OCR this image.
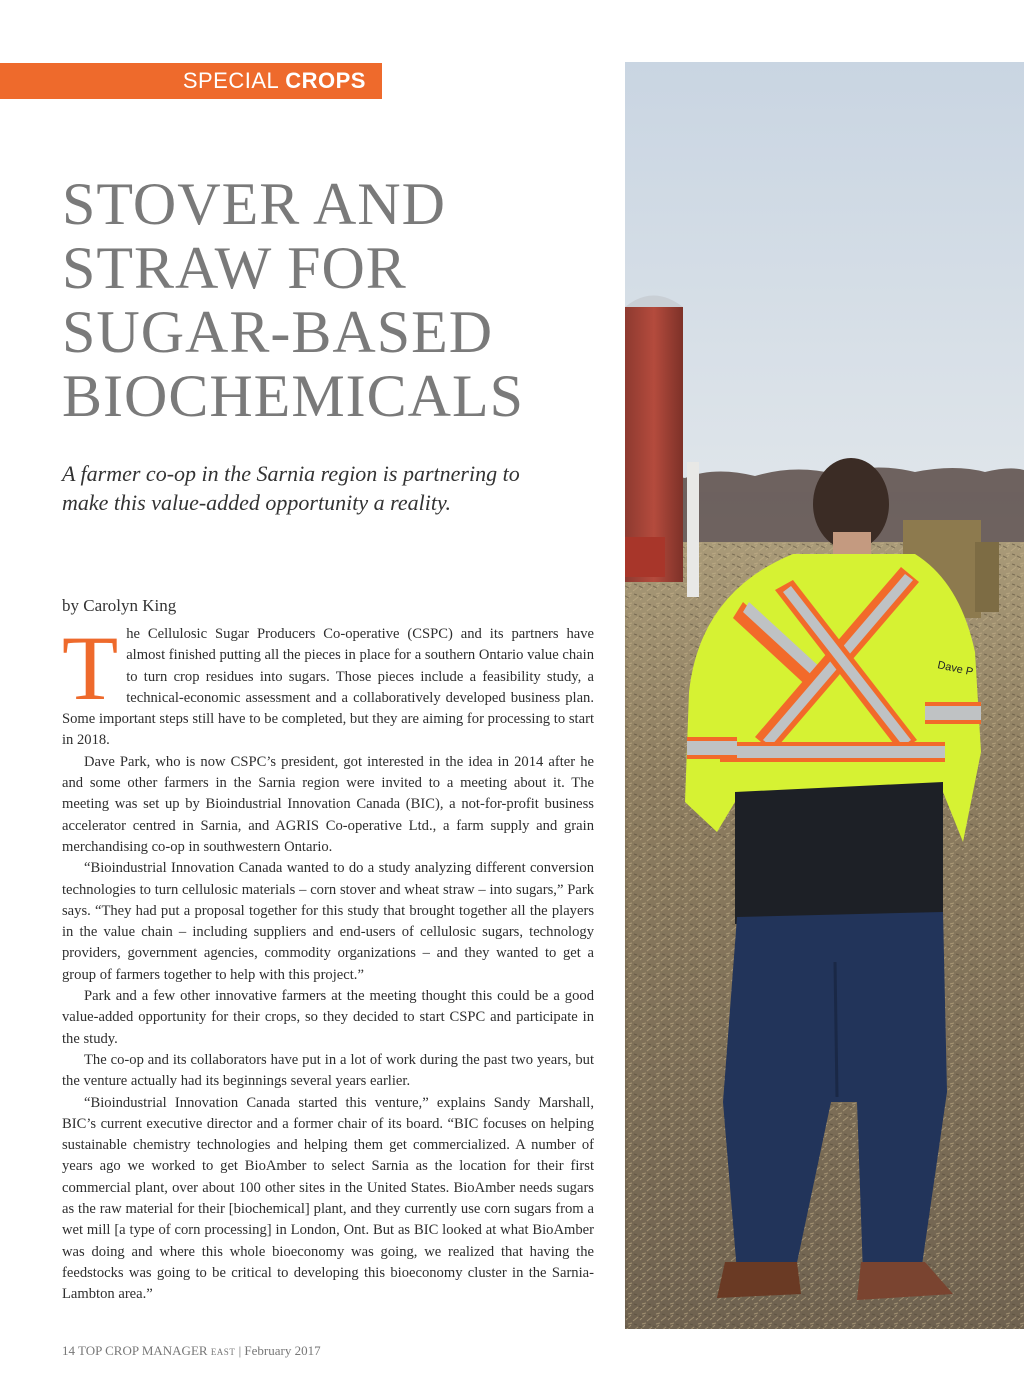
SPECIAL CROPS
STOVER AND
STRAW FOR
SUGAR-BASED
BIOCHEMICALS

A farmer co-op in the Sarnia region is partnering to
make this value-added opportunity a reality.

by Carolyn King

The Cellulosic Sugar Producers Co-operative (CSPC) and its partners have almost finished putting all the pieces in place for a southern Ontario value chain to turn crop residues into sugars. Those pieces include a feasibility study, a technical-economic assessment and a collaboratively developed business plan. Some important steps still have to be completed, but they are aiming for processing to start in 2018.

Dave Park, who is now CSPC’s president, got interested in the idea in 2014 after he and some other farmers in the Sarnia region were invited to a meeting about it. The meeting was set up by Bioindustrial Innovation Canada (BIC), a not-for-profit business accelerator centred in Sarnia, and AGRIS Co-operative Ltd., a farm supply and grain merchandising co-op in southwestern Ontario.

“Bioindustrial Innovation Canada wanted to do a study analyzing different conversion technologies to turn cellulosic materials – corn stover and wheat straw – into sugars,” Park says. “They had put a proposal together for this study that brought together all the players in the value chain – including suppliers and end-users of cellulosic sugars, technology providers, government agencies, commodity organizations – and they wanted to get a group of farmers together to help with this project.”

Park and a few other innovative farmers at the meeting thought this could be a good value-added opportunity for their crops, so they decided to start CSPC and participate in the study.

The co-op and its collaborators have put in a lot of work during the past two years, but the venture actually had its beginnings several years earlier.

“Bioindustrial Innovation Canada started this venture,” explains Sandy Marshall, BIC’s current executive director and a former chair of its board. “BIC focuses on helping sustainable chemistry technologies and helping them get commercialized. A number of years ago we worked to get BioAmber to select Sarnia as the location for their first commercial plant, over about 100 other sites in the United States. BioAmber needs sugars as the raw material for their [biochemical] plant, and they currently use corn sugars from a wet mill [a type of corn processing] in London, Ont. But as BIC looked at what BioAmber was doing and where this whole bioeconomy was going, we realized that having the feedstocks was going to be critical to developing this bioeconomy cluster in the Sarnia-Lambton area.”

14 TOP CROP MANAGER EAST | February 2017
Dave P
